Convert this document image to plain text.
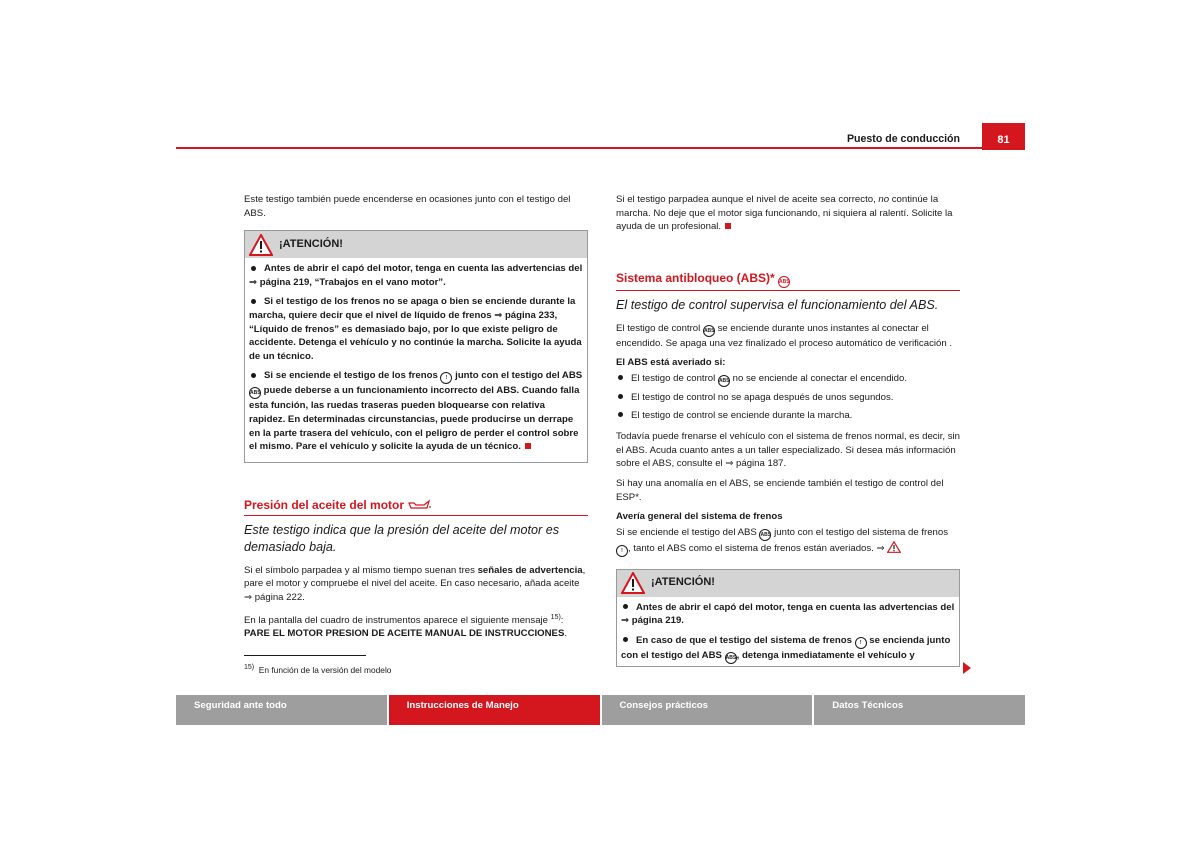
Puesto de conducción	81

Este testigo también puede encenderse en ocasiones junto con el testigo del ABS.

¡ATENCIÓN!
Antes de abrir el capó del motor, tenga en cuenta las advertencias del ⇒ página 219, “Trabajos en el vano motor”.
Si el testigo de los frenos no se apaga o bien se enciende durante la marcha, quiere decir que el nivel de líquido de frenos ⇒ página 233, “Líquido de frenos” es demasiado bajo, por lo que existe peligro de accidente. Detenga el vehículo y no continúe la marcha. Solicite la ayuda de un técnico.
Si se enciende el testigo de los frenos ! junto con el testigo del ABS ABS puede deberse a un funcionamiento incorrecto del ABS. Cuando falla esta función, las ruedas traseras pueden bloquearse con relativa rapidez. En determinadas circunstancias, puede producirse un derrape en la parte trasera del vehículo, con el peligro de perder el control sobre el mismo. Pare el vehículo y solicite la ayuda de un técnico.
Presión del aceite del motor

Este testigo indica que la presión del aceite del motor es demasiado baja.

Si el símbolo parpadea y al mismo tiempo suenan tres señales de advertencia, pare el motor y compruebe el nivel del aceite. En caso necesario, añada aceite ⇒ página 222.

En la pantalla del cuadro de instrumentos aparece el siguiente mensaje $^{15)}$:
PARE EL MOTOR PRESION DE ACEITE MANUAL DE INSTRUCCIONES.

$^{15)}$ En función de la versión del modelo

Si el testigo parpadea aunque el nivel de aceite sea correcto, no continúe la marcha. No deje que el motor siga funcionando, ni siquiera al ralentí. Solicite la ayuda de un profesional.

Sistema antibloqueo (ABS)* ABS

El testigo de control supervisa el funcionamiento del ABS.

El testigo de control ABS se enciende durante unos instantes al conectar el encendido. Se apaga una vez finalizado el proceso automático de verificación .

El ABS está averiado si:

El testigo de control ABS no se enciende al conectar el encendido.
El testigo de control no se apaga después de unos segundos.
El testigo de control se enciende durante la marcha.

Todavía puede frenarse el vehículo con el sistema de frenos normal, es decir, sin el ABS. Acuda cuanto antes a un taller especializado. Si desea más información sobre el ABS, consulte el ⇒ página 187.

Si hay una anomalía en el ABS, se enciende también el testigo de control del ESP*.

Avería general del sistema de frenos

Si se enciende el testigo del ABS ABS junto con el testigo del sistema de frenos ! , tanto el ABS como el sistema de frenos están averiados. ⇒

¡ATENCIÓN!
Antes de abrir el capó del motor, tenga en cuenta las advertencias del ⇒ página 219.
En caso de que el testigo del sistema de frenos ! se encienda junto con el testigo del ABS ABS, detenga inmediatamente el vehículo y
Seguridad ante todo	Instrucciones de Manejo	Consejos prácticos	Datos Técnicos
